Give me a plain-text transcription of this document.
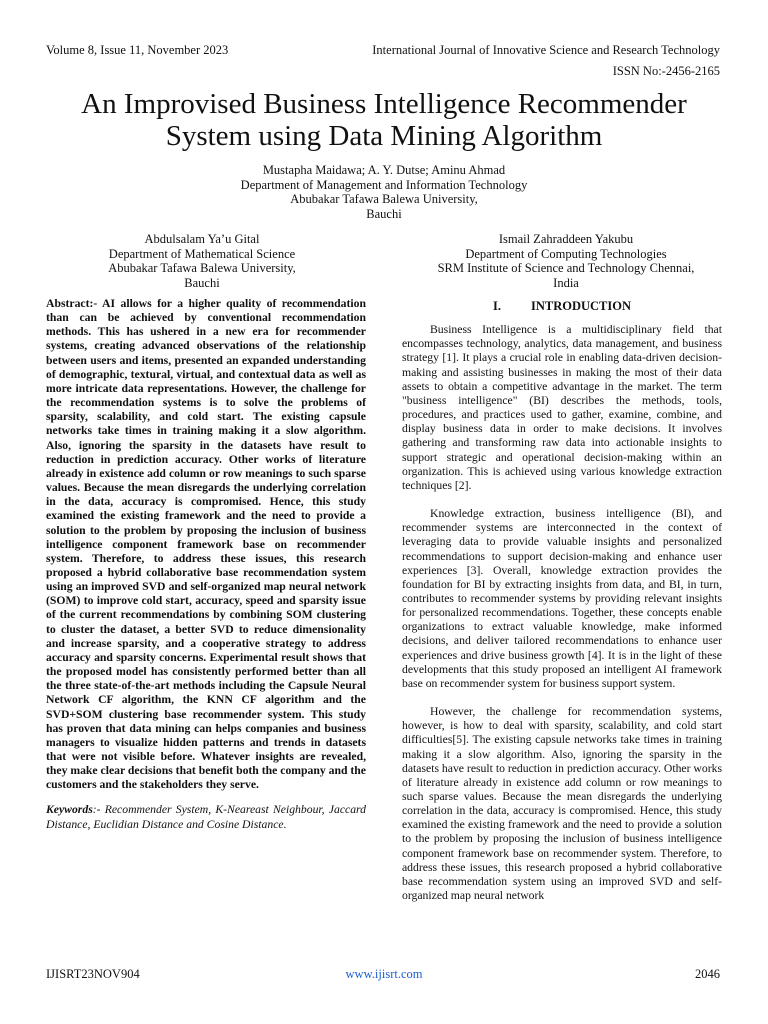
Volume 8, Issue 11, November 2023	International Journal of Innovative Science and Research Technology
ISSN No:-2456-2165
An Improvised Business Intelligence Recommender
System using Data Mining Algorithm
Mustapha Maidawa; A. Y. Dutse; Aminu Ahmad
Department of Management and Information Technology
Abubakar Tafawa Balewa University,
Bauchi
Abdulsalam Ya’u Gital
Department of Mathematical Science
Abubakar Tafawa Balewa University,
Bauchi
Ismail Zahraddeen Yakubu
Department of Computing Technologies
SRM Institute of Science and Technology Chennai,
India

Abstract:- AI allows for a higher quality of recommendation than can be achieved by conventional recommendation methods. This has ushered in a new era for recommender systems, creating advanced observations of the relationship between users and items, presented an expanded understanding of demographic, textural, virtual, and contextual data as well as more intricate data representations. However, the challenge for the recommendation systems is to solve the problems of sparsity, scalability, and cold start. The existing capsule networks take times in training making it a slow algorithm. Also, ignoring the sparsity in the datasets have result to reduction in prediction accuracy. Other works of literature already in existence add column or row meanings to such sparse values. Because the mean disregards the underlying correlation in the data, accuracy is compromised. Hence, this study examined the existing framework and the need to provide a solution to the problem by proposing the inclusion of business intelligence component framework base on recommender system. Therefore, to address these issues, this research proposed a hybrid collaborative base recommendation system using an improved SVD and self-organized map neural network (SOM) to improve cold start, accuracy, speed and sparsity issue of the current recommendations by combining SOM clustering to cluster the dataset, a better SVD to reduce dimensionality and increase sparsity, and a cooperative strategy to address accuracy and sparsity concerns. Experimental result shows that the proposed model has consistently performed better than all the three state-of-the-art methods including the Capsule Neural Network CF algorithm, the KNN CF algorithm and the SVD+SOM clustering base recommender system. This study has proven that data mining can helps companies and business managers to visualize hidden patterns and trends in datasets that were not visible before. Whatever insights are revealed, they make clear decisions that benefit both the company and the customers and the stakeholders they serve.

Keywords:- Recommender System, K-Neareast Neighbour, Jaccard Distance, Euclidian Distance and Cosine Distance.

I. INTRODUCTION

Business Intelligence is a multidisciplinary field that encompasses technology, analytics, data management, and business strategy [1]. It plays a crucial role in enabling data-driven decision-making and assisting businesses in making the most of their data assets to obtain a competitive advantage in the market. The term "business intelligence" (BI) describes the methods, tools, procedures, and practices used to gather, examine, combine, and display business data in order to make decisions. It involves gathering and transforming raw data into actionable insights to support strategic and operational decision-making within an organization. This is achieved using various knowledge extraction techniques [2].

Knowledge extraction, business intelligence (BI), and recommender systems are interconnected in the context of leveraging data to provide valuable insights and personalized recommendations to support decision-making and enhance user experiences [3]. Overall, knowledge extraction provides the foundation for BI by extracting insights from data, and BI, in turn, contributes to recommender systems by providing relevant insights for personalized recommendations. Together, these concepts enable organizations to extract valuable knowledge, make informed decisions, and deliver tailored recommendations to enhance user experiences and drive business growth [4]. It is in the light of these developments that this study proposed an intelligent AI framework base on recommender system for business support system.

However, the challenge for recommendation systems, however, is how to deal with sparsity, scalability, and cold start difficulties[5]. The existing capsule networks take times in training making it a slow algorithm. Also, ignoring the sparsity in the datasets have result to reduction in prediction accuracy. Other works of literature already in existence add column or row meanings to such sparse values. Because the mean disregards the underlying correlation in the data, accuracy is compromised. Hence, this study examined the existing framework and the need to provide a solution to the problem by proposing the inclusion of business intelligence component framework base on recommender system. Therefore, to address these issues, this research proposed a hybrid collaborative base recommendation system using an improved SVD and self-organized map neural network

IJISRT23NOV904	www.ijisrt.com	2046
